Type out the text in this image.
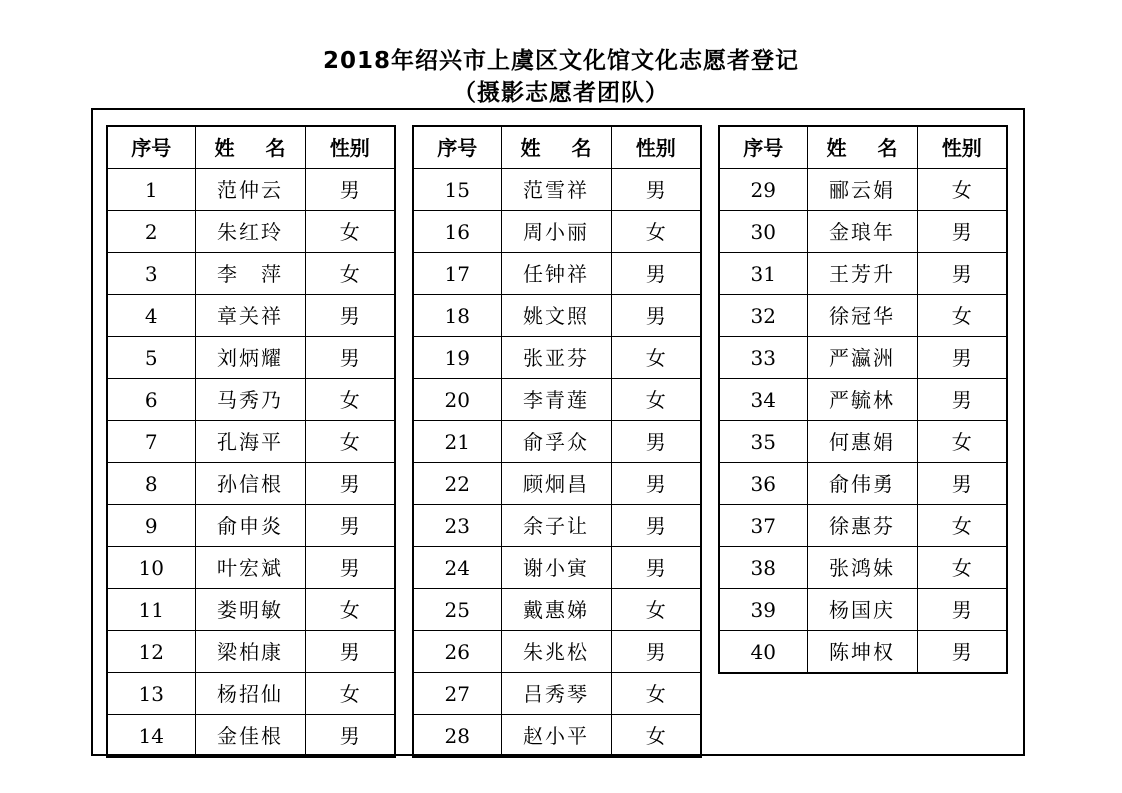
2018年绍兴市上虞区文化馆文化志愿者登记
（摄影志愿者团队）
序号	姓 名	性别
1	范仲云	男
2	朱红玲	女
3	李　萍	女
4	章关祥	男
5	刘炳耀	男
6	马秀乃	女
7	孔海平	女
8	孙信根	男
9	俞申炎	男
10	叶宏斌	男
11	娄明敏	女
12	梁柏康	男
13	杨招仙	女
14	金佳根	男
序号	姓 名	性别
15	范雪祥	男
16	周小丽	女
17	任钟祥	男
18	姚文照	男
19	张亚芬	女
20	李青莲	女
21	俞孚众	男
22	顾炯昌	男
23	余子让	男
24	谢小寅	男
25	戴惠娣	女
26	朱兆松	男
27	吕秀琴	女
28	赵小平	女
序号	姓 名	性别
29	郦云娟	女
30	金琅年	男
31	王芳升	男
32	徐冠华	女
33	严瀛洲	男
34	严毓林	男
35	何惠娟	女
36	俞伟勇	男
37	徐惠芬	女
38	张鸿妹	女
39	杨国庆	男
40	陈坤权	男
